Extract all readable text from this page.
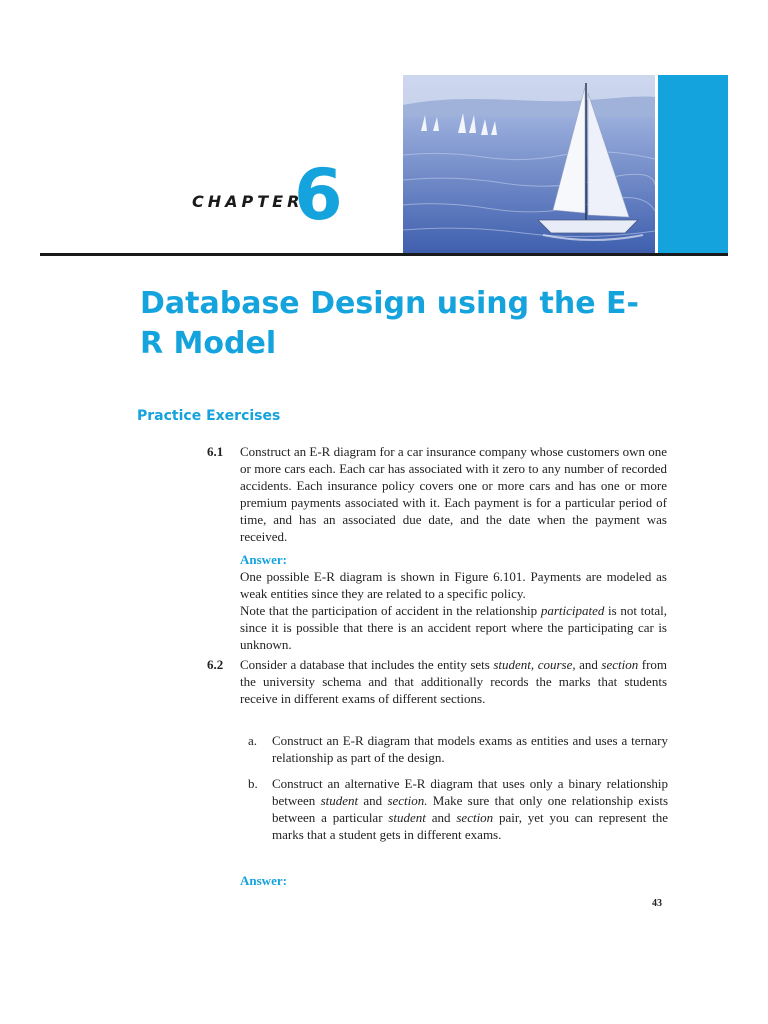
CHAPTER
6
Database Design using the E-R Model
Practice Exercises
6.1 Construct an E-R diagram for a car insurance company whose customers own one or more cars each. Each car has associated with it zero to any number of recorded accidents. Each insurance policy covers one or more cars and has one or more premium payments associated with it. Each payment is for a particular period of time, and has an associated due date, and the date when the payment was received.

Answer:

One possible E-R diagram is shown in Figure 6.101. Payments are modeled as weak entities since they are related to a specific policy.

Note that the participation of accident in the relationship participated is not total, since it is possible that there is an accident report where the participating car is unknown.

6.2 Consider a database that includes the entity sets student, course, and section from the university schema and that additionally records the marks that students receive in different exams of different sections.

a. Construct an E-R diagram that models exams as entities and uses a ternary relationship as part of the design.

b. Construct an alternative E-R diagram that uses only a binary relationship between student and section. Make sure that only one relationship exists between a particular student and section pair, yet you can represent the marks that a student gets in different exams.

Answer:
43
